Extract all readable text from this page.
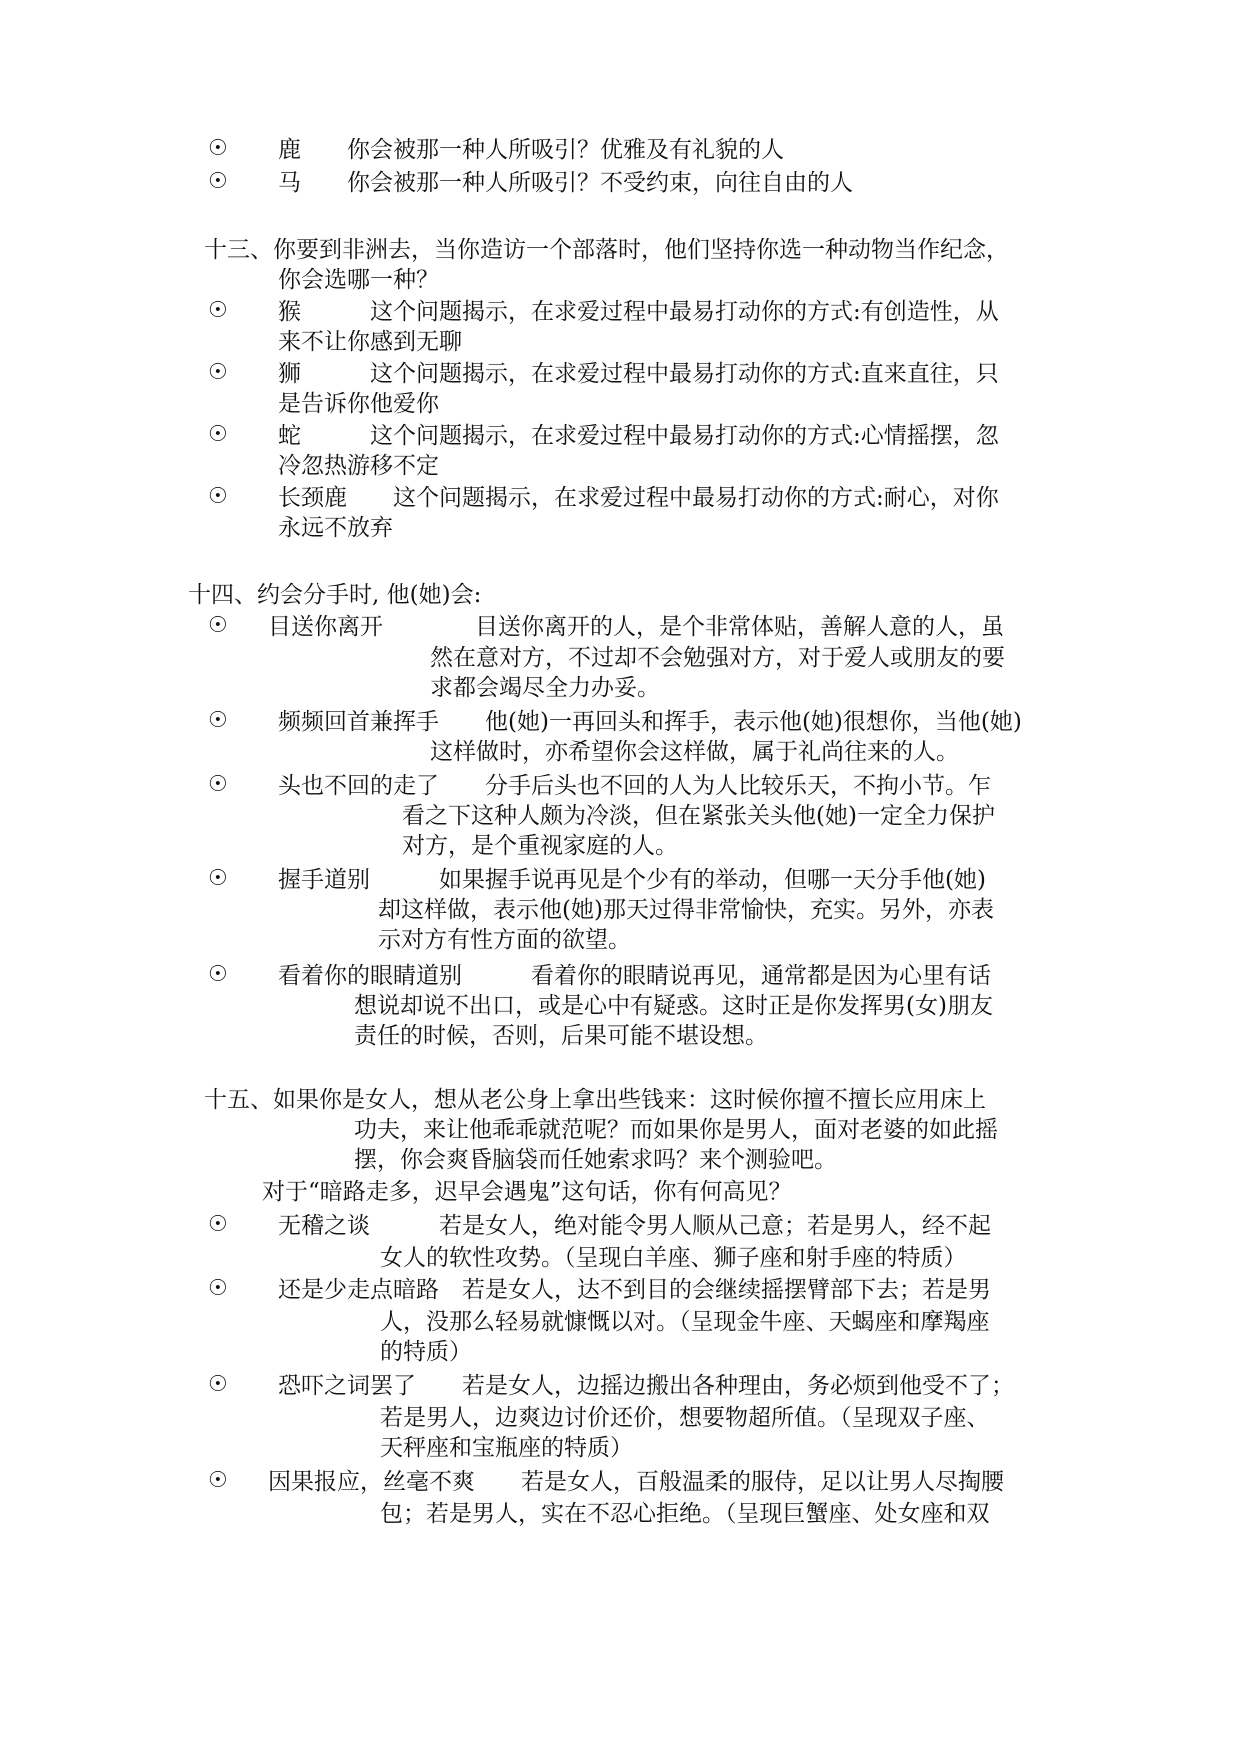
☉ 鹿　　你会被那一种人所吸引？优雅及有礼貌的人
☉ 马　　你会被那一种人所吸引？不受约束，向往自由的人
十三、你要到非洲去，当你造访一个部落时，他们坚持你选一种动物当作纪念，
你会选哪一种？
☉ 猴　　　这个问题揭示，在求爱过程中最易打动你的方式:有创造性，从
来不让你感到无聊
☉ 狮　　　这个问题揭示，在求爱过程中最易打动你的方式:直来直往，只
是告诉你他爱你
☉ 蛇　　　这个问题揭示，在求爱过程中最易打动你的方式:心情摇摆，忽
冷忽热游移不定
☉ 长颈鹿　　这个问题揭示，在求爱过程中最易打动你的方式:耐心，对你
永远不放弃
十四、约会分手时, 他(她)会:
☉ 目送你离开　　　　目送你离开的人，是个非常体贴，善解人意的人，虽
然在意对方，不过却不会勉强对方，对于爱人或朋友的要
求都会竭尽全力办妥。
☉ 频频回首兼挥手　　他(她)一再回头和挥手，表示他(她)很想你，当他(她)
这样做时，亦希望你会这样做，属于礼尚往来的人。
☉ 头也不回的走了　　分手后头也不回的人为人比较乐天，不拘小节。乍
看之下这种人颇为冷淡，但在紧张关头他(她)一定全力保护
对方，是个重视家庭的人。
☉ 握手道别　　　如果握手说再见是个少有的举动，但哪一天分手他(她)
却这样做，表示他(她)那天过得非常愉快，充实。另外，亦表
示对方有性方面的欲望。
☉ 看着你的眼睛道别　　　看着你的眼睛说再见，通常都是因为心里有话
想说却说不出口，或是心中有疑惑。这时正是你发挥男(女)朋友
责任的时候，否则，后果可能不堪设想。
十五、如果你是女人，想从老公身上拿出些钱来：这时候你擅不擅长应用床上
功夫，来让他乖乖就范呢？而如果你是男人，面对老婆的如此摇
摆，你会爽昏脑袋而任她索求吗？来个测验吧。
对于“暗路走多，迟早会遇鬼”这句话，你有何高见？
☉ 无稽之谈　　　若是女人，绝对能令男人顺从己意；若是男人，经不起
女人的软性攻势。（呈现白羊座、狮子座和射手座的特质）
☉ 还是少走点暗路　若是女人，达不到目的会继续摇摆臂部下去；若是男
人，没那么轻易就慷慨以对。（呈现金牛座、天蝎座和摩羯座
的特质）
☉ 恐吓之词罢了　　若是女人，边摇边搬出各种理由，务必烦到他受不了；
若是男人，边爽边讨价还价，想要物超所值。（呈现双子座、
天秤座和宝瓶座的特质）
☉ 因果报应，丝毫不爽　　若是女人，百般温柔的服侍，足以让男人尽掏腰
包；若是男人，实在不忍心拒绝。（呈现巨蟹座、处女座和双
